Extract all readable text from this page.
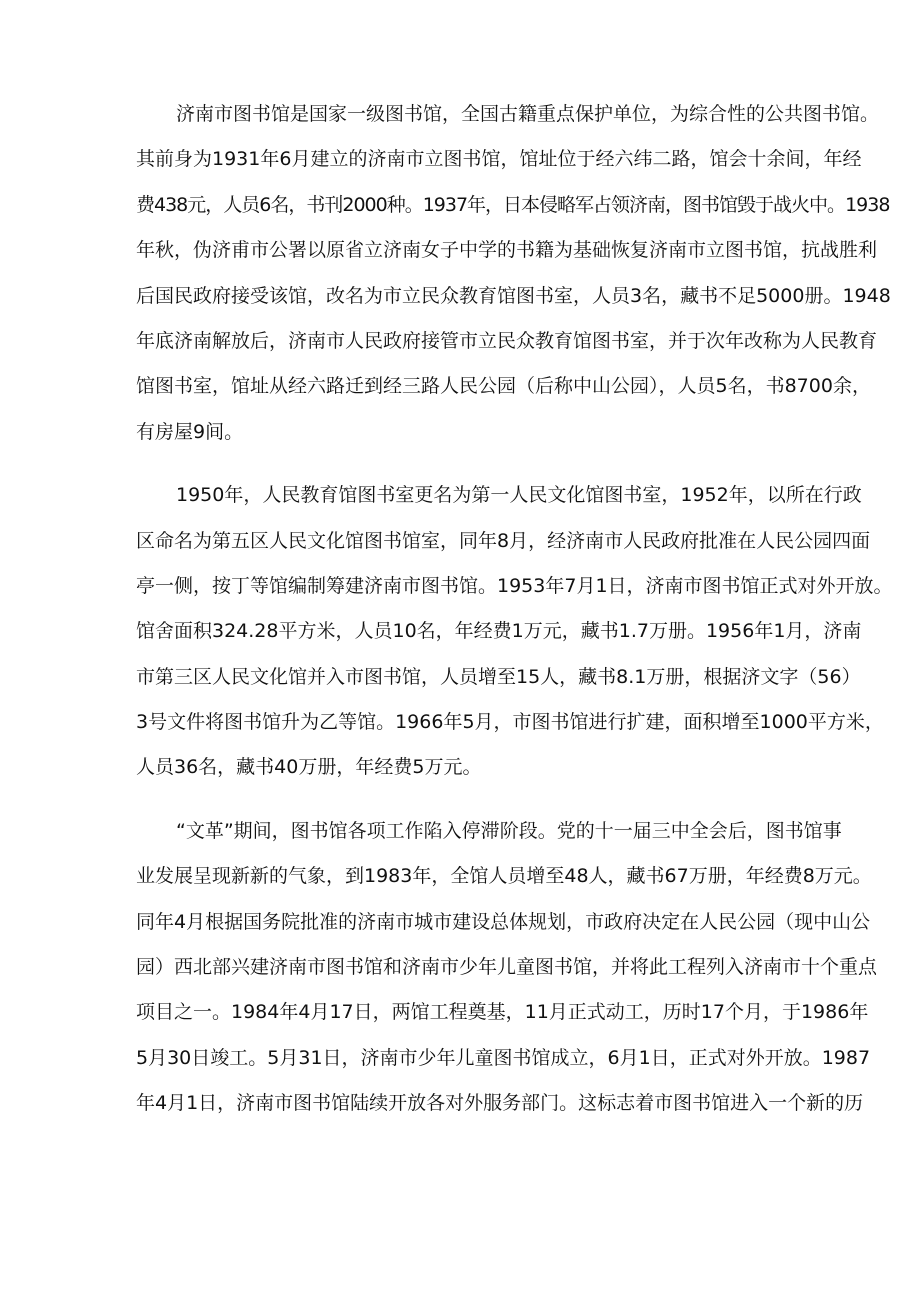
济南市图书馆是国家一级图书馆，全国古籍重点保护单位，为综合性的公共图书馆。
其前身为1931年6月建立的济南市立图书馆，馆址位于经六纬二路，馆会十余间，年经
费438元，人员6名，书刊2000种。1937年，日本侵略军占领济南，图书馆毁于战火中。1938
年秋，伪济甫市公署以原省立济南女子中学的书籍为基础恢复济南市立图书馆，抗战胜利
后国民政府接受该馆，改名为市立民众教育馆图书室，人员3名，藏书不足5000册。1948
年底济南解放后，济南市人民政府接管市立民众教育馆图书室，并于次年改称为人民教育
馆图书室，馆址从经六路迁到经三路人民公园（后称中山公园），人员5名，书8700余，
有房屋9间。
1950年，人民教育馆图书室更名为第一人民文化馆图书室，1952年，以所在行政
区命名为第五区人民文化馆图书馆室，同年8月，经济南市人民政府批准在人民公园四面
亭一侧，按丁等馆编制筹建济南市图书馆。1953年7月1日，济南市图书馆正式对外开放。
馆舍面积324.28平方米，人员10名，年经费1万元，藏书1.7万册。1956年1月，济南
市第三区人民文化馆并入市图书馆，人员增至15人，藏书8.1万册，根据济文字（56）
3号文件将图书馆升为乙等馆。1966年5月，市图书馆进行扩建，面积增至1000平方米，
人员36名，藏书40万册，年经费5万元。
“文革”期间，图书馆各项工作陷入停滞阶段。党的十一届三中全会后，图书馆事
业发展呈现新新的气象，到1983年，全馆人员增至48人，藏书67万册，年经费8万元。
同年4月根据国务院批准的济南市城市建设总体规划，市政府决定在人民公园（现中山公
园）西北部兴建济南市图书馆和济南市少年儿童图书馆，并将此工程列入济南市十个重点
项目之一。1984年4月17日，两馆工程奠基，11月正式动工，历时17个月，于1986年
5月30日竣工。5月31日，济南市少年儿童图书馆成立，6月1日，正式对外开放。1987
年4月1日，济南市图书馆陆续开放各对外服务部门。这标志着市图书馆进入一个新的历
